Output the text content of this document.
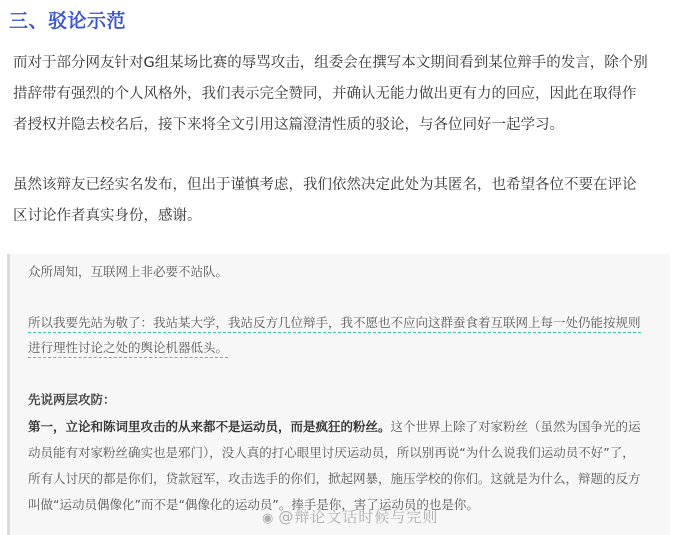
三、驳论示范

而对于部分网友针对G组某场比赛的辱骂攻击，组委会在撰写本文期间看到某位辩手的发言，除个别
措辞带有强烈的个人风格外，我们表示完全赞同，并确认无能力做出更有力的回应，因此在取得作
者授权并隐去校名后，接下来将全文引用这篇澄清性质的驳论，与各位同好一起学习。

虽然该辩友已经实名发布，但出于谨慎考虑，我们依然决定此处为其匿名，也希望各位不要在评论
区讨论作者真实身份，感谢。

众所周知，互联网上非必要不站队。

所以我要先站为敬了：我站某大学，我站反方几位辩手，我不愿也不应向这群蚕食着互联网上每一处仍能按规则
进行理性讨论之处的舆论机器低头。
先说两层攻防：
第一，立论和陈词里攻击的从来都不是运动员，而是疯狂的粉丝。这个世界上除了对家粉丝（虽然为国争光的运
动员能有对家粉丝确实也是邪门），没人真的打心眼里讨厌运动员，所以别再说“为什么说我们运动员不好”了，
所有人讨厌的都是你们，贷款冠军，攻击选手的你们，掀起网暴，施压学校的你们。这就是为什么，辩题的反方
叫做“运动员偶像化”而不是“偶像化的运动员”。捧手是你，害了运动员的也是你。
◉ @辩论文话时候与完则
